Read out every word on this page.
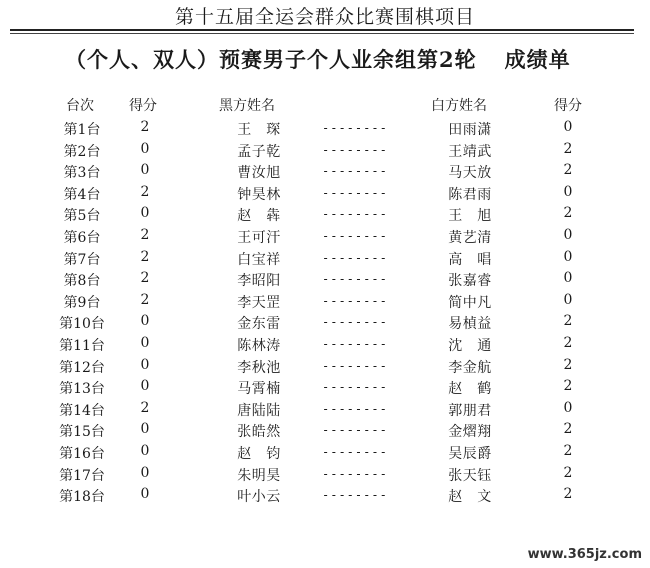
第十五届全运会群众比赛围棋项目
（个人、双人）预赛男子个人业余组第2轮 成绩单
台次	得分	黑方姓名	白方姓名	得分
第1台	2	王　琛	--------	田雨潇	0
第2台	0	孟子乾	--------	王靖武	2
第3台	0	曹汝旭	--------	马天放	2
第4台	2	钟昊林	--------	陈君雨	0
第5台	0	赵　犇	--------	王　旭	2
第6台	2	王可汗	--------	黄艺清	0
第7台	2	白宝祥	--------	高　唱	0
第8台	2	李昭阳	--------	张嘉睿	0
第9台	2	李天罡	--------	简中凡	0
第10台	0	金东雷	--------	易楨益	2
第11台	0	陈林涛	--------	沈　通	2
第12台	0	李秋池	--------	李金航	2
第13台	0	马霄楠	--------	赵　鹤	2
第14台	2	唐陆陆	--------	郭朋君	0
第15台	0	张皓然	--------	金熠翔	2
第16台	0	赵　钧	--------	吴辰爵	2
第17台	0	朱明昊	--------	张天钰	2
第18台	0	叶小云	--------	赵　文	2
www.365jz.com
